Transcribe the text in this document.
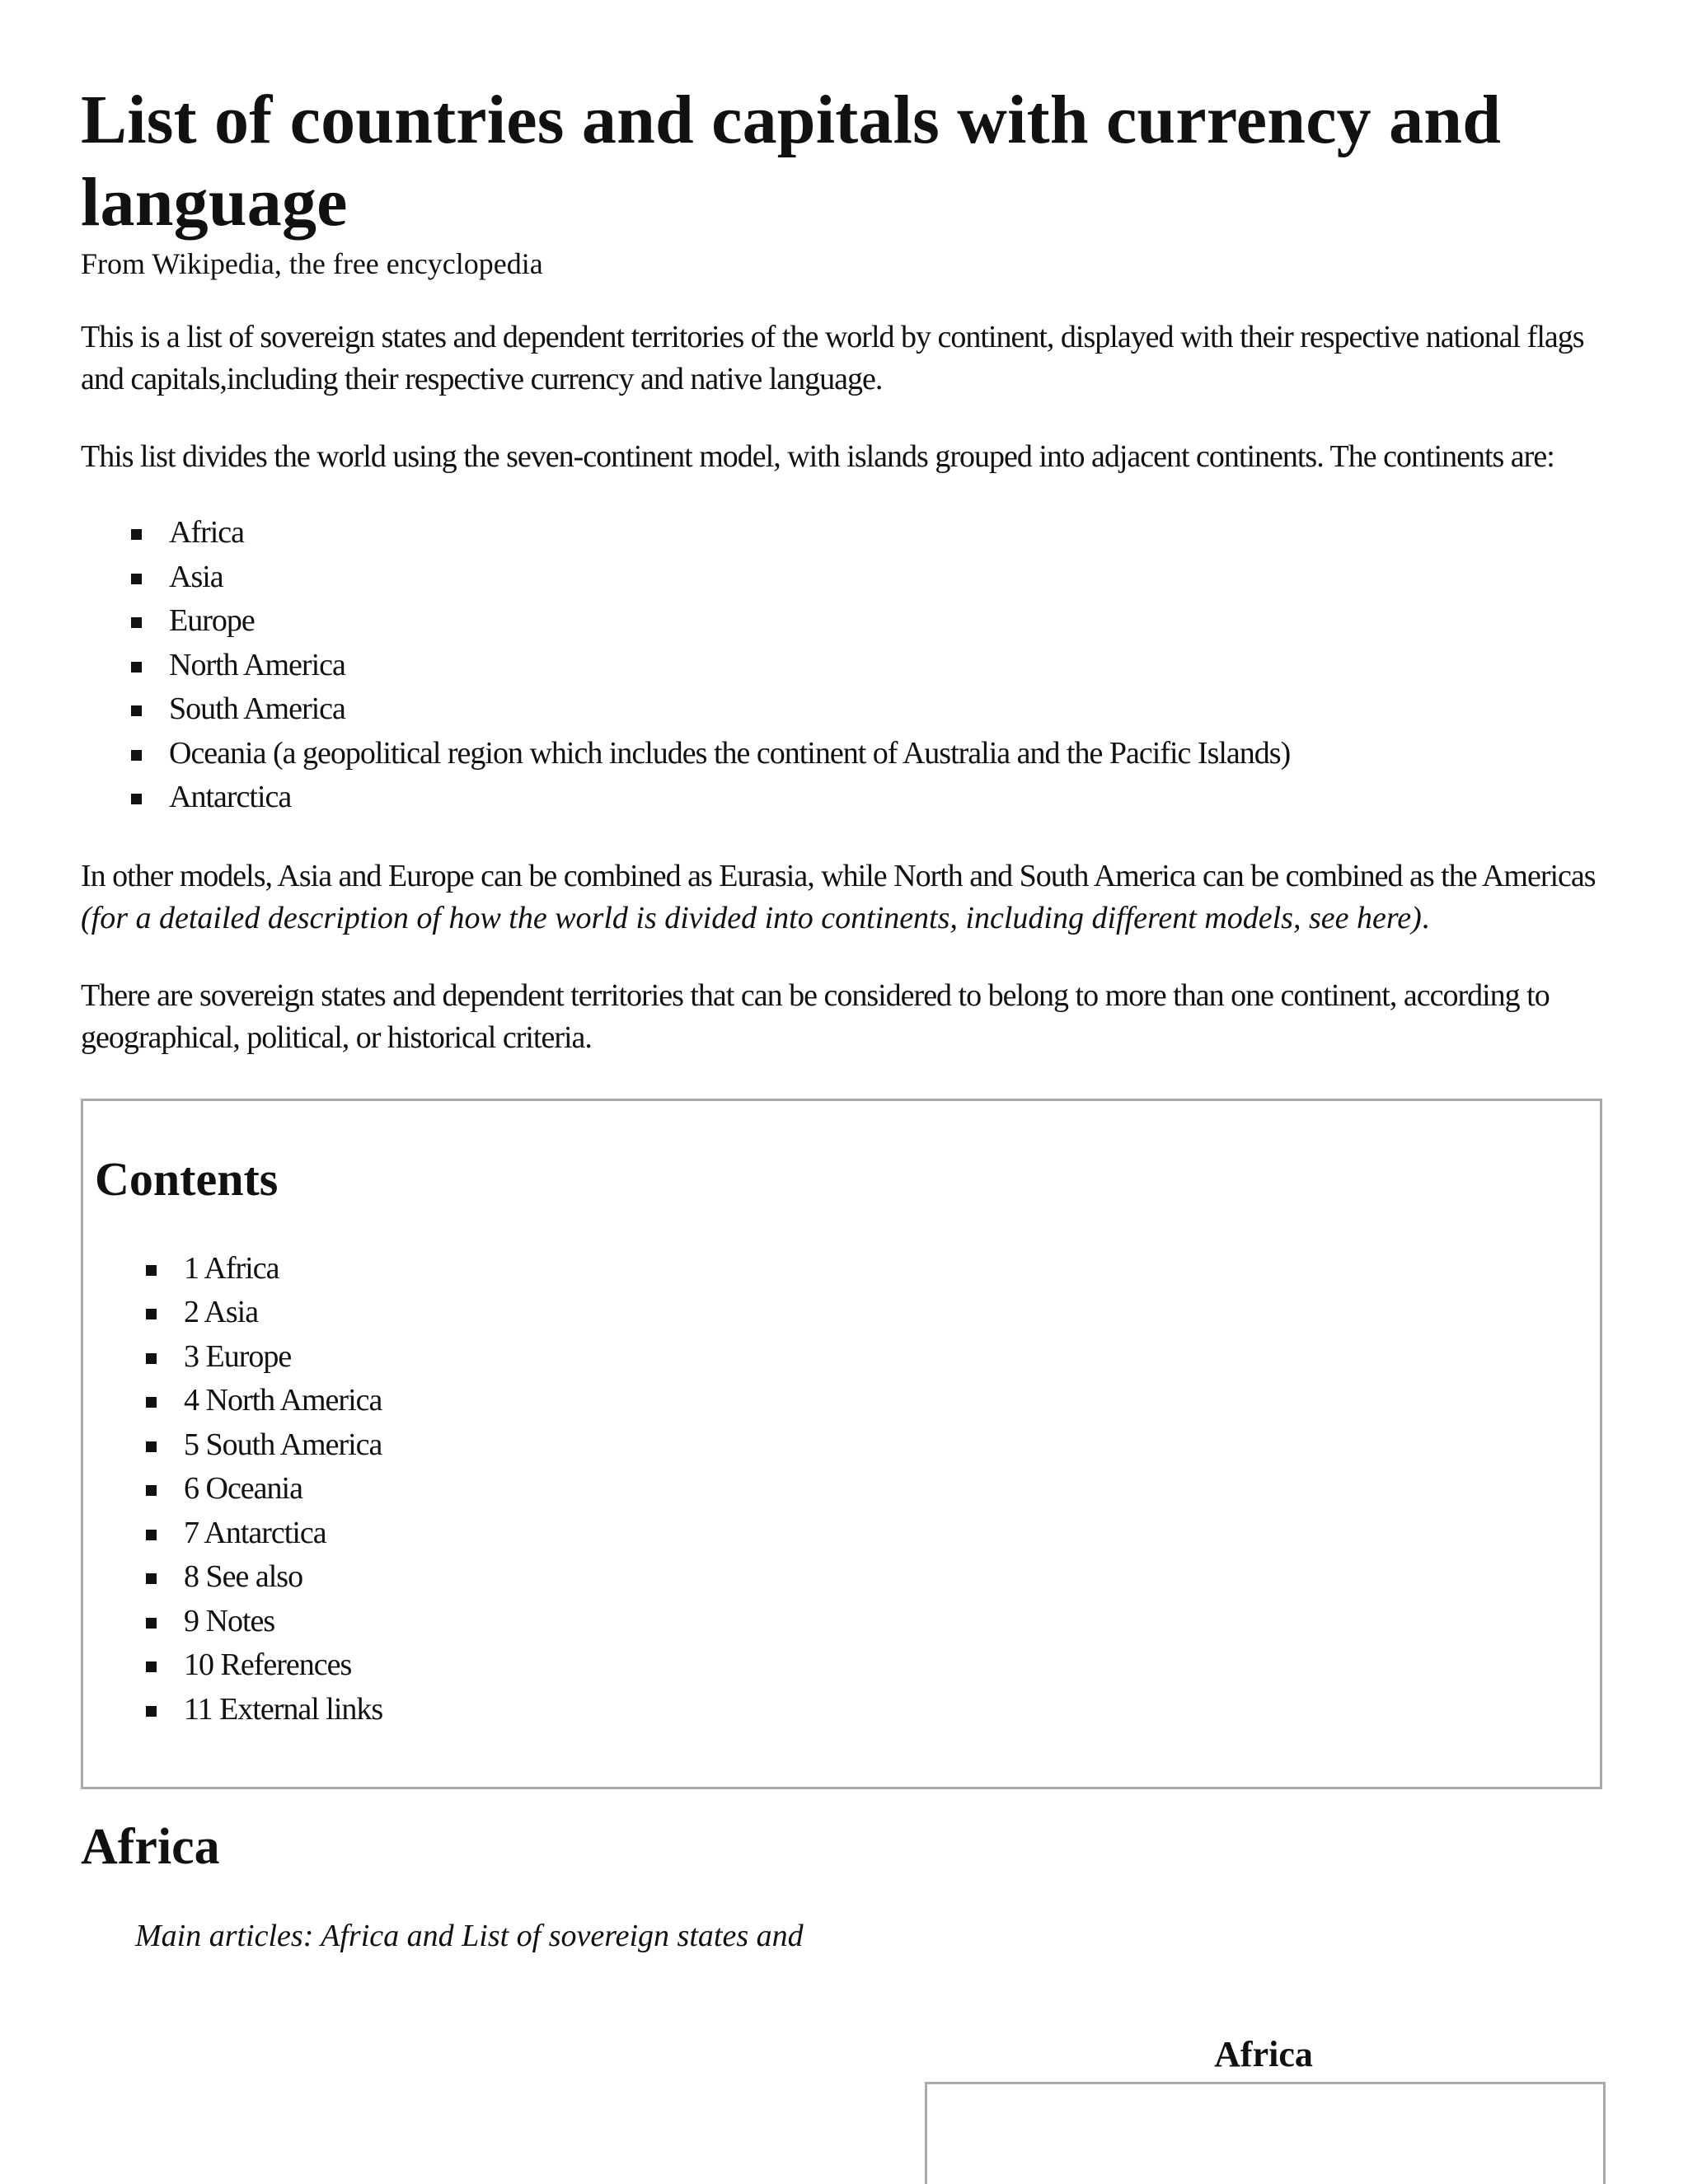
List of countries and capitals with currency and language
From Wikipedia, the free encyclopedia

This is a list of sovereign states and dependent territories of the world by continent, displayed with their respective national flags and capitals,including their respective currency and native language.

This list divides the world using the seven-continent model, with islands grouped into adjacent continents. The continents are:

Africa
Asia
Europe
North America
South America
Oceania (a geopolitical region which includes the continent of Australia and the Pacific Islands)
Antarctica

In other models, Asia and Europe can be combined as Eurasia, while North and South America can be combined as the Americas (for a detailed description of how the world is divided into continents, including different models, see here).

There are sovereign states and dependent territories that can be considered to belong to more than one continent, according to geographical, political, or historical criteria.

Contents
1 Africa
2 Asia
3 Europe
4 North America
5 South America
6 Oceania
7 Antarctica
8 See also
9 Notes
10 References
11 External links
Africa
Main articles: Africa and List of sovereign states and
Africa
